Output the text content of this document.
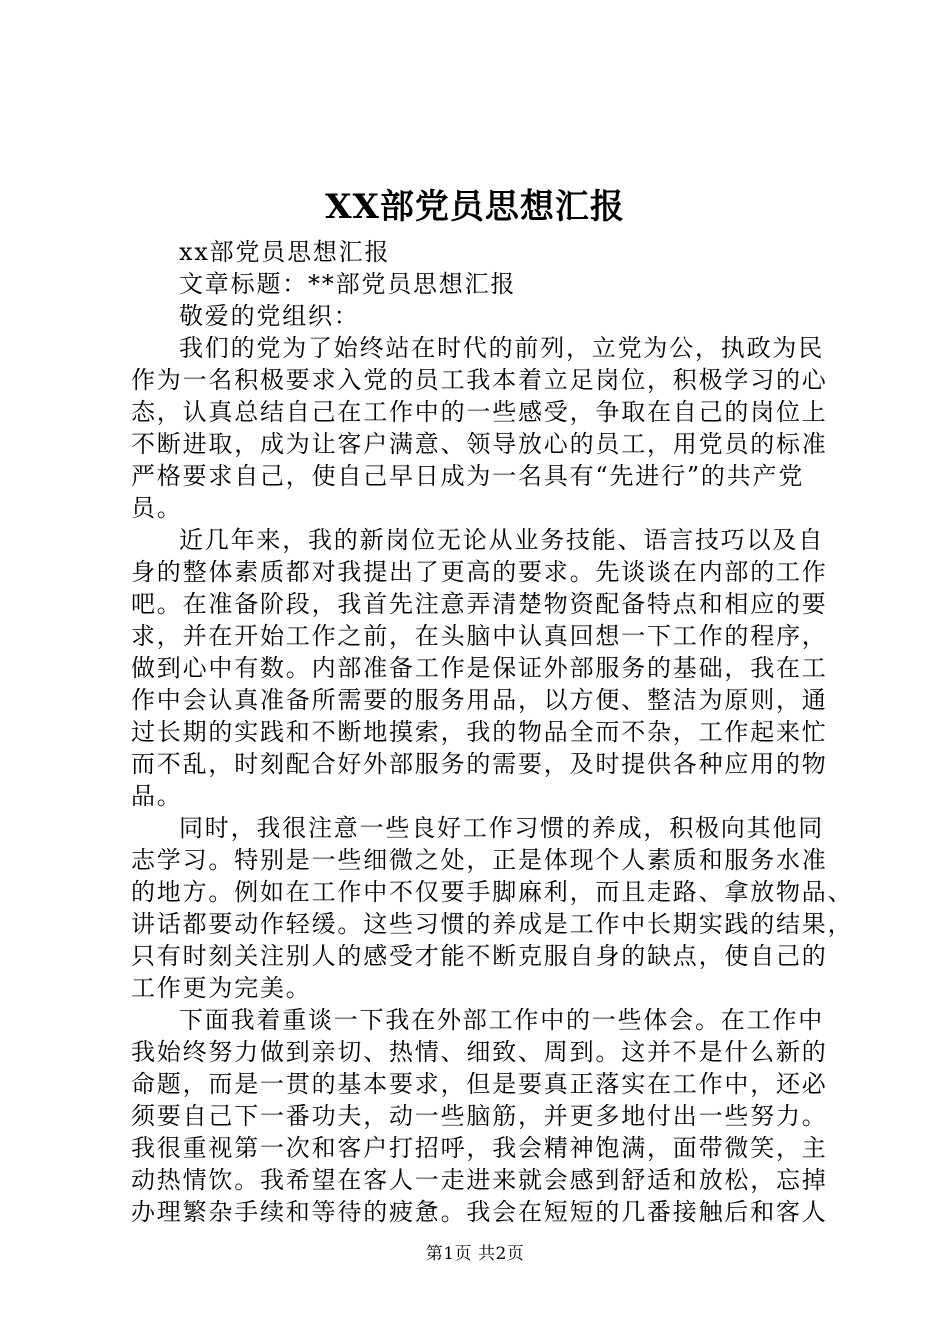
XX部党员思想汇报
xx部党员思想汇报
文章标题：**部党员思想汇报
敬爱的党组织：
我们的党为了始终站在时代的前列，立党为公，执政为民
作为一名积极要求入党的员工我本着立足岗位，积极学习的心
态，认真总结自己在工作中的一些感受，争取在自己的岗位上
不断进取，成为让客户满意、领导放心的员工，用党员的标准
严格要求自己，使自己早日成为一名具有“先进行”的共产党
员。
近几年来，我的新岗位无论从业务技能、语言技巧以及自
身的整体素质都对我提出了更高的要求。先谈谈在内部的工作
吧。在准备阶段，我首先注意弄清楚物资配备特点和相应的要
求，并在开始工作之前，在头脑中认真回想一下工作的程序，
做到心中有数。内部准备工作是保证外部服务的基础，我在工
作中会认真准备所需要的服务用品，以方便、整洁为原则，通
过长期的实践和不断地摸索，我的物品全而不杂，工作起来忙
而不乱，时刻配合好外部服务的需要，及时提供各种应用的物
品。
同时，我很注意一些良好工作习惯的养成，积极向其他同
志学习。特别是一些细微之处，正是体现个人素质和服务水准
的地方。例如在工作中不仅要手脚麻利，而且走路、拿放物品、
讲话都要动作轻缓。这些习惯的养成是工作中长期实践的结果，
只有时刻关注别人的感受才能不断克服自身的缺点，使自己的
工作更为完美。
下面我着重谈一下我在外部工作中的一些体会。在工作中
我始终努力做到亲切、热情、细致、周到。这并不是什么新的
命题，而是一贯的基本要求，但是要真正落实在工作中，还必
须要自己下一番功夫，动一些脑筋，并更多地付出一些努力。
我很重视第一次和客户打招呼，我会精神饱满，面带微笑，主
动热情饮。我希望在客人一走进来就会感到舒适和放松，忘掉
办理繁杂手续和等待的疲惫。我会在短短的几番接触后和客人
第1页 共2页
